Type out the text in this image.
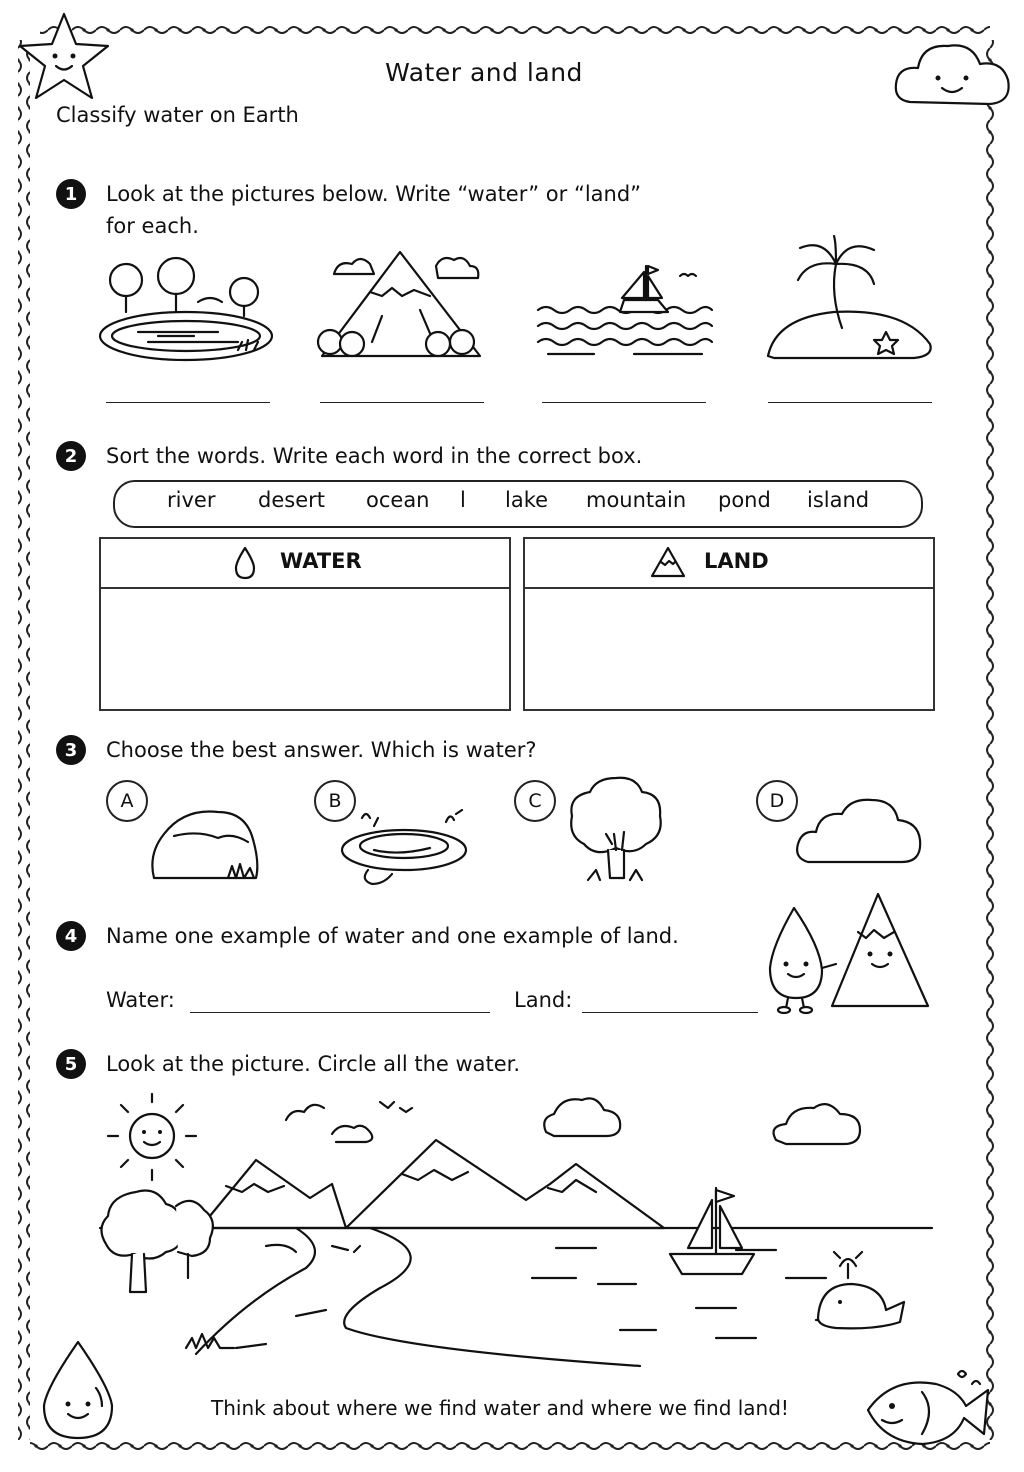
Water and land
Classify water on Earth
1	Look at the pictures below. Write “water” or “land”
for each.
2	Sort the words. Write each word in the correct box.
river desert ocean l lake mountain pond island
WATER	LAND
3	Choose the best answer. Which is water?
A	B	C	D
4	Name one example of water and one example of land.
Water:	Land:
5	Look at the picture. Circle all the water.
Think about where we find water and where we find land!
